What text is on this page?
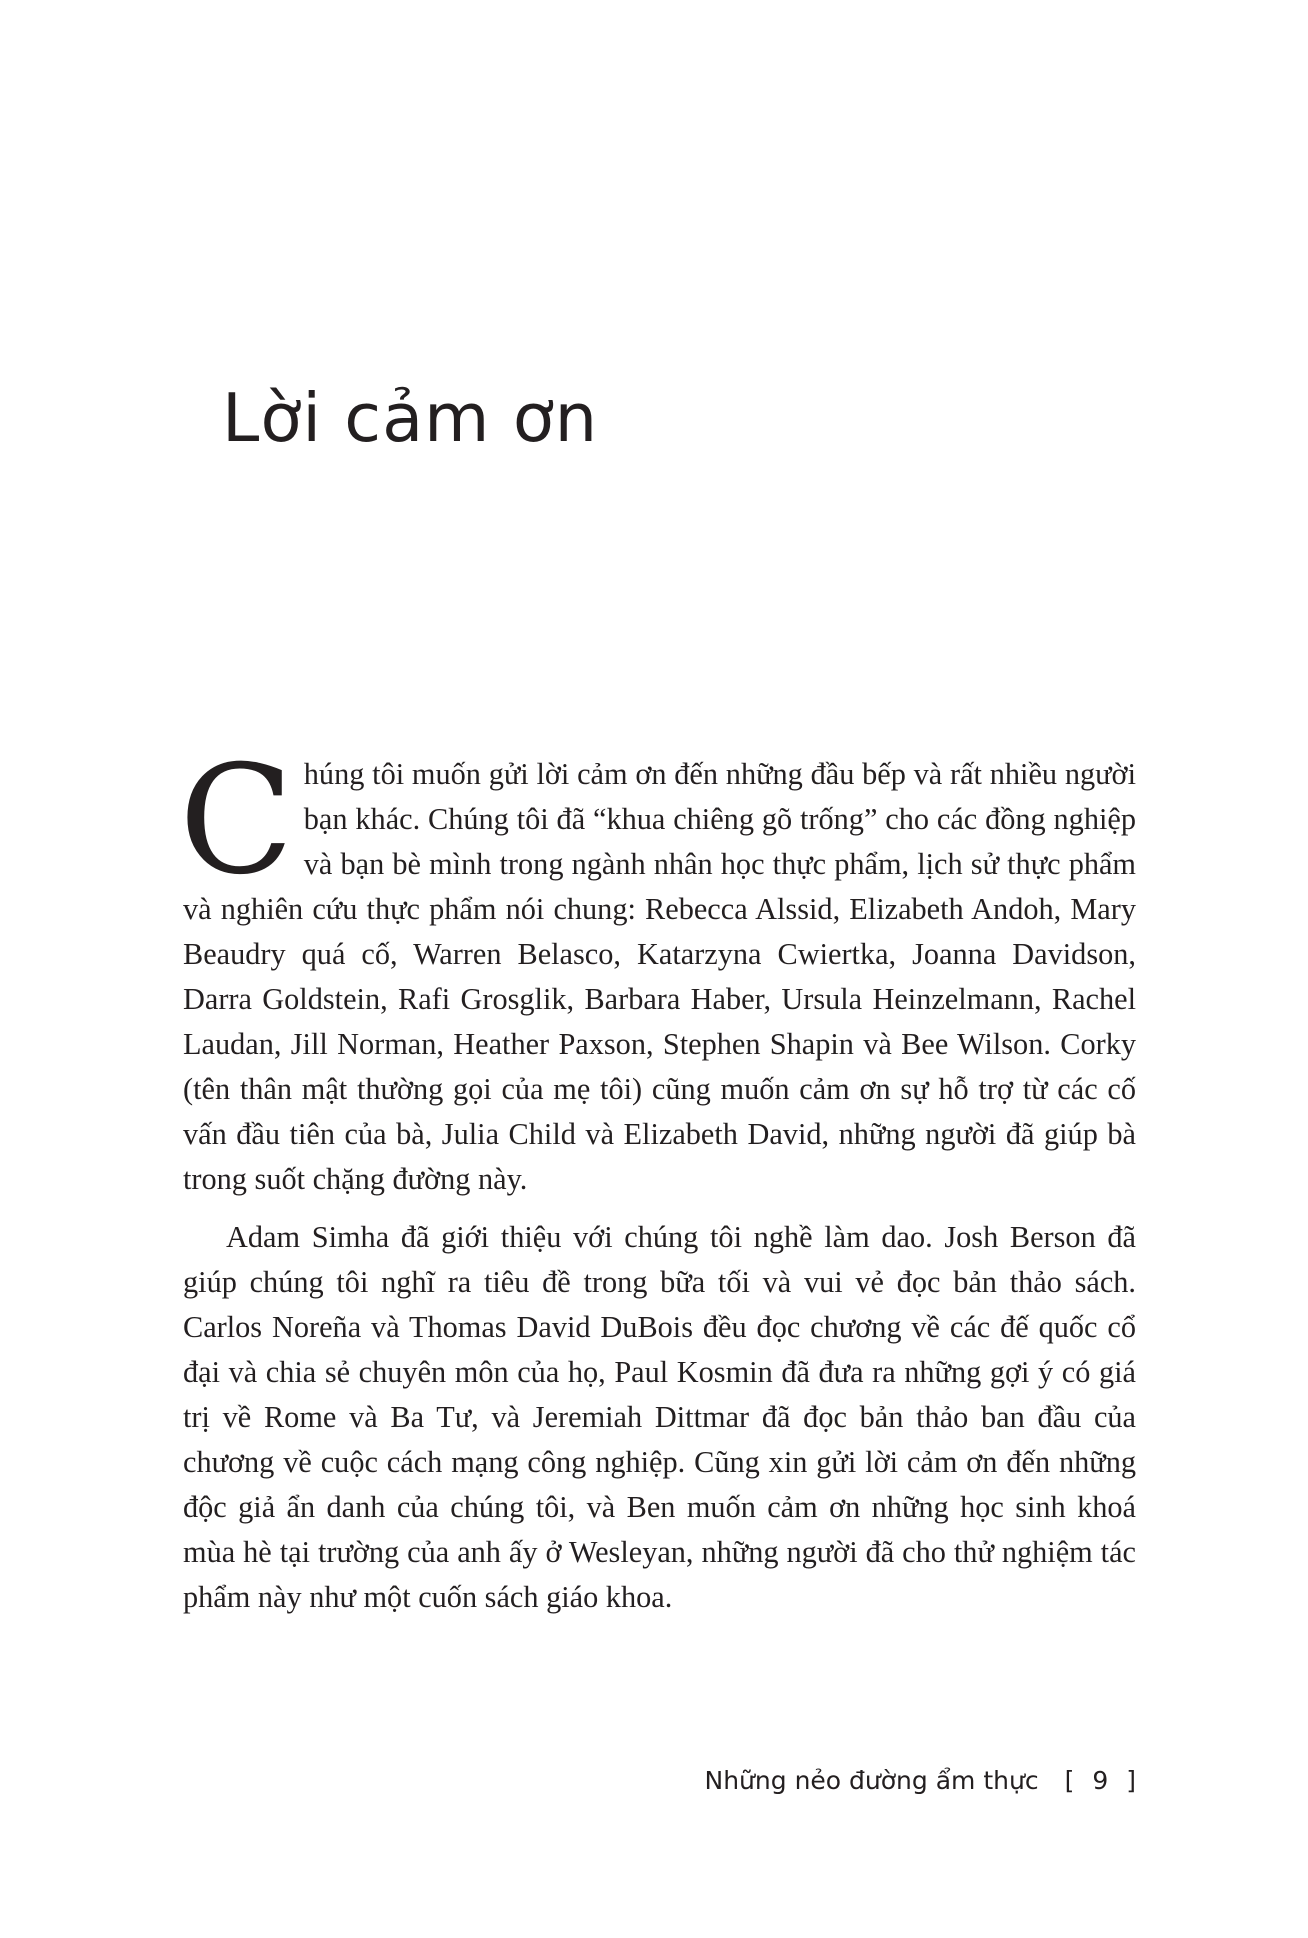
Lời cảm ơn

Chúng tôi muốn gửi lời cảm ơn đến những đầu bếp và rất nhiều người bạn khác. Chúng tôi đã “khua chiêng gõ trống” cho các đồng nghiệp và bạn bè mình trong ngành nhân học thực phẩm, lịch sử thực phẩm và nghiên cứu thực phẩm nói chung: Rebecca Alssid, Elizabeth Andoh, Mary Beaudry quá cố, Warren Belasco, Katarzyna Cwiertka, Joanna Davidson, Darra Goldstein, Rafi Grosglik, Barbara Haber, Ursula Heinzelmann, Rachel Laudan, Jill Norman, Heather Paxson, Stephen Shapin và Bee Wilson. Corky (tên thân mật thường gọi của mẹ tôi) cũng muốn cảm ơn sự hỗ trợ từ các cố vấn đầu tiên của bà, Julia Child và Elizabeth David, những người đã giúp bà trong suốt chặng đường này.

Adam Simha đã giới thiệu với chúng tôi nghề làm dao. Josh Berson đã giúp chúng tôi nghĩ ra tiêu đề trong bữa tối và vui vẻ đọc bản thảo sách. Carlos Noreña và Thomas David DuBois đều đọc chương về các đế quốc cổ đại và chia sẻ chuyên môn của họ, Paul Kosmin đã đưa ra những gợi ý có giá trị về Rome và Ba Tư, và Jeremiah Dittmar đã đọc bản thảo ban đầu của chương về cuộc cách mạng công nghiệp. Cũng xin gửi lời cảm ơn đến những độc giả ẩn danh của chúng tôi, và Ben muốn cảm ơn những học sinh khoá mùa hè tại trường của anh ấy ở Wesleyan, những người đã cho thử nghiệm tác phẩm này như một cuốn sách giáo khoa.

Những nẻo đường ẩm thực [ 9 ]
